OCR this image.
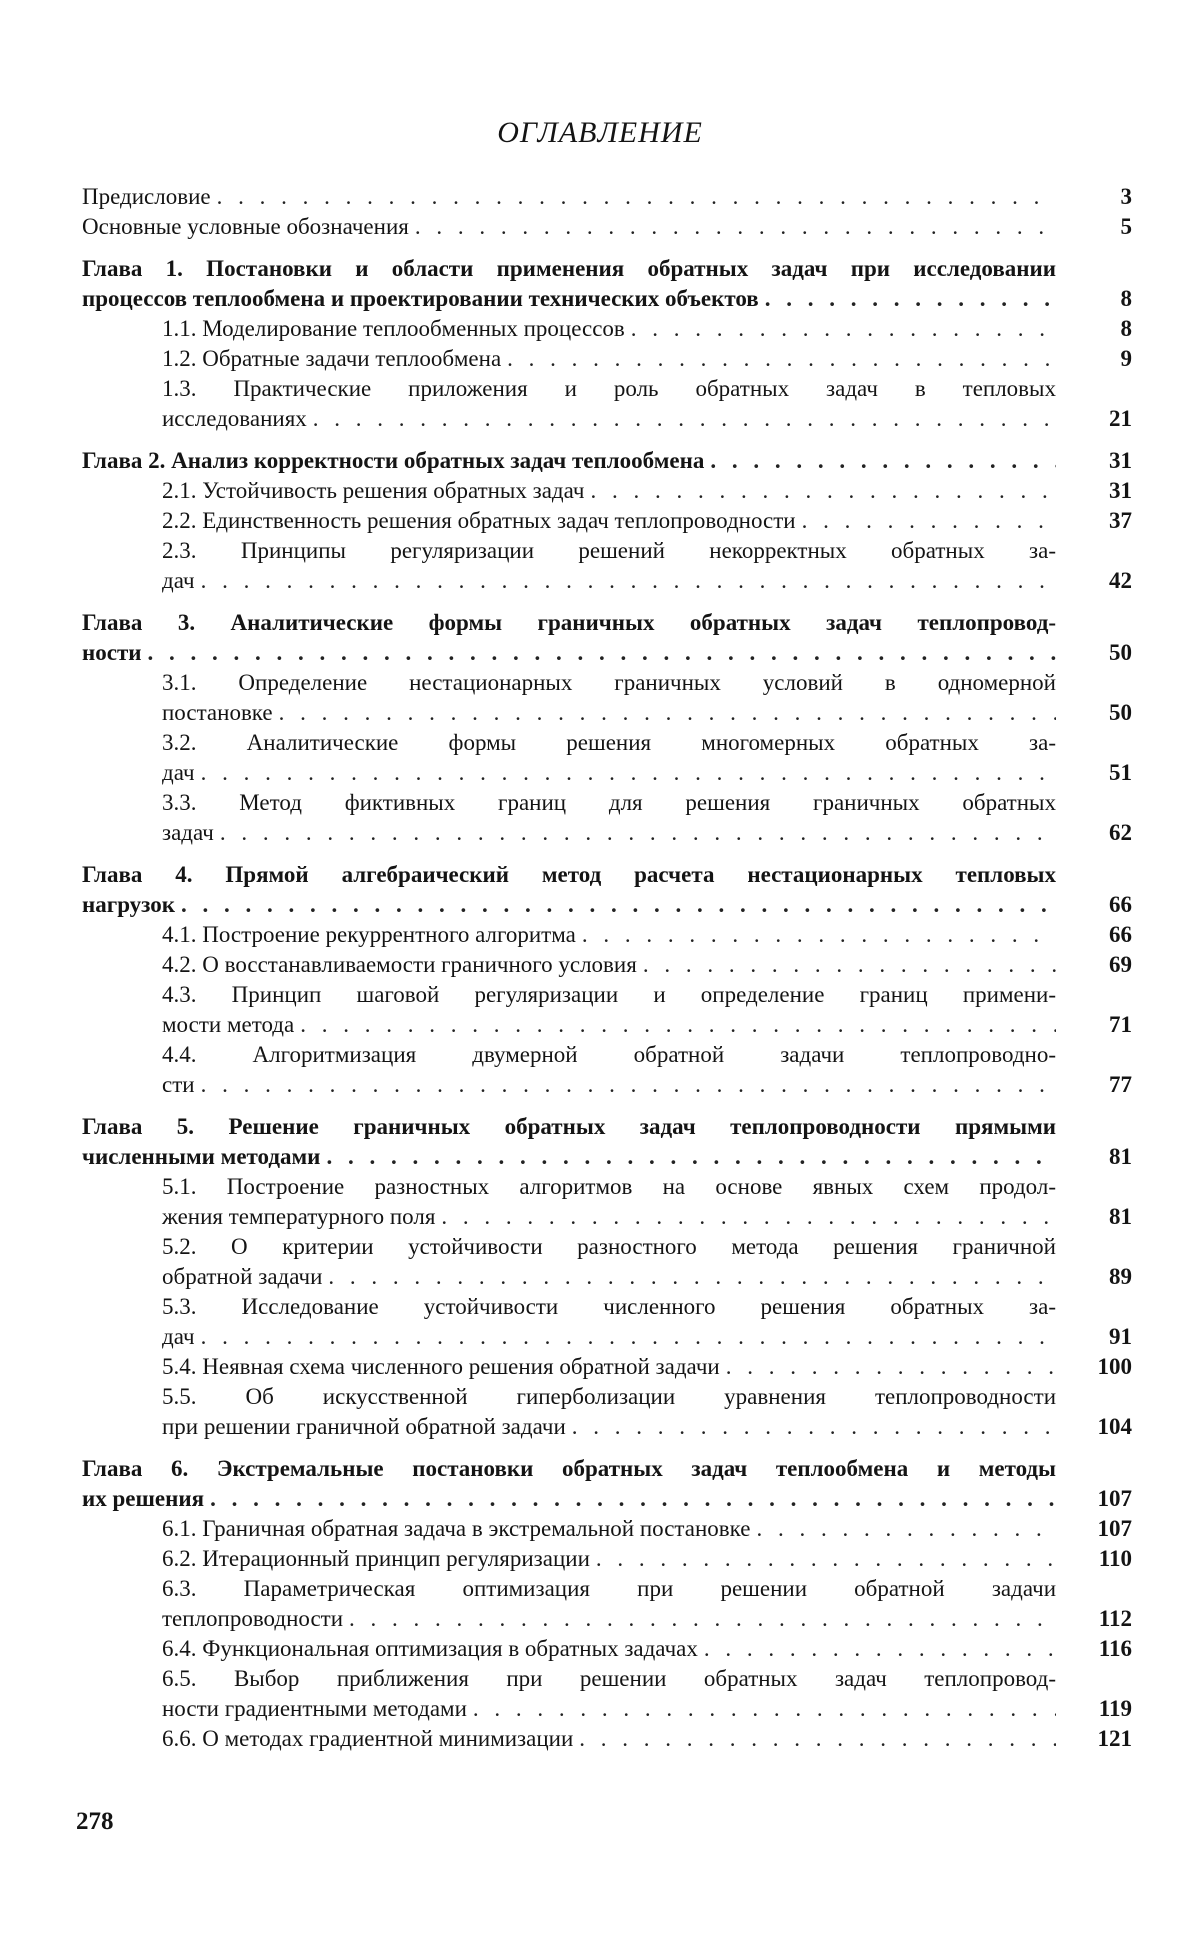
ОГЛАВЛЕНИЕ
Предисловие . . .	3
Основные условные обозначения . . .	5
Глава 1. Постановки и области применения обратных задач при исследовании
процессов теплообмена и проектировании технических объектов . . .	8
1.1. Моделирование теплообменных процессов . . .	8
1.2. Обратные задачи теплообмена . . .	9
1.3. Практические приложения и роль обратных задач в тепловых
исследованиях . . .	21
Глава 2. Анализ корректности обратных задач теплообмена . . .	31
2.1. Устойчивость решения обратных задач . . .	31
2.2. Единственность решения обратных задач теплопроводности . . .	37
2.3. Принципы регуляризации решений некорректных обратных за-
дач . . .	42
Глава 3. Аналитические формы граничных обратных задач теплопровод-
ности . . .	50
3.1. Определение нестационарных граничных условий в одномерной
постановке . . .	50
3.2. Аналитические формы решения многомерных обратных за-
дач . . .	51
3.3. Метод фиктивных границ для решения граничных обратных
задач . . .	62
Глава 4. Прямой алгебраический метод расчета нестационарных тепловых
нагрузок . . .	66
4.1. Построение рекуррентного алгоритма . . .	66
4.2. О восстанавливаемости граничного условия . . .	69
4.3. Принцип шаговой регуляризации и определение границ примени-
мости метода . . .	71
4.4. Алгоритмизация двумерной обратной задачи теплопроводно-
сти . . .	77
Глава 5. Решение граничных обратных задач теплопроводности прямыми
численными методами . . .	81
5.1. Построение разностных алгоритмов на основе явных схем продол-
жения температурного поля . . .	81
5.2. О критерии устойчивости разностного метода решения граничной
обратной задачи . . .	89
5.3. Исследование устойчивости численного решения обратных за-
дач . . .	91
5.4. Неявная схема численного решения обратной задачи . . .	100
5.5. Об искусственной гиперболизации уравнения теплопроводности
при решении граничной обратной задачи . . .	104
Глава 6. Экстремальные постановки обратных задач теплообмена и методы
их решения . . .	107
6.1. Граничная обратная задача в экстремальной постановке . . .	107
6.2. Итерационный принцип регуляризации . . .	110
6.3. Параметрическая оптимизация при решении обратной задачи
теплопроводности . . .	112
6.4. Функциональная оптимизация в обратных задачах . . .	116
6.5. Выбор приближения при решении обратных задач теплопровод-
ности градиентными методами . . .	119
6.6. О методах градиентной минимизации . . .	121
278
